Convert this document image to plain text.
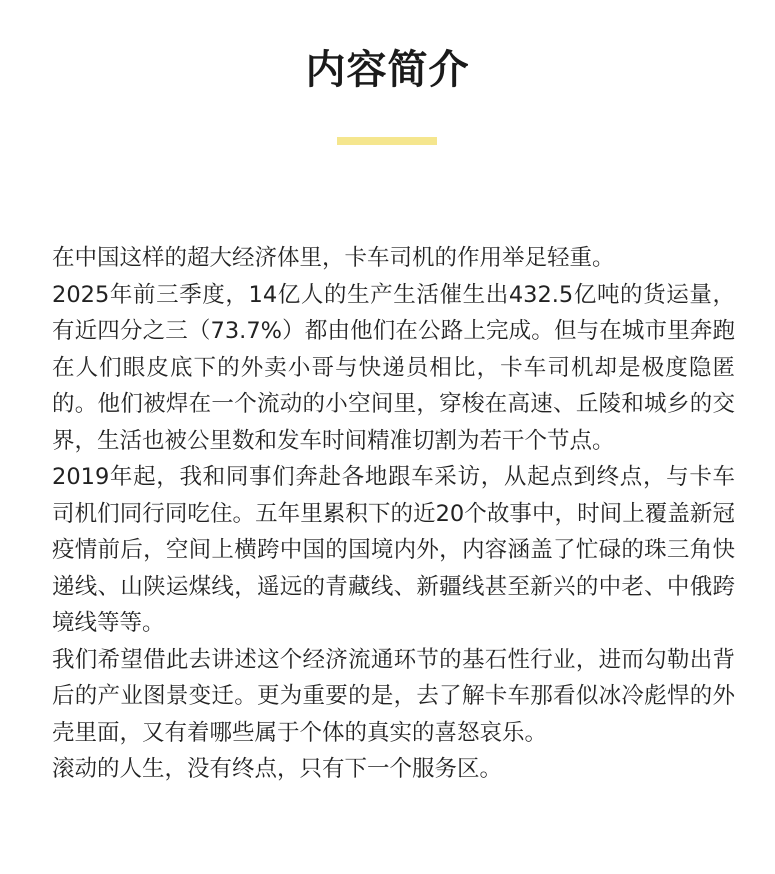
内容简介

在中国这样的超大经济体里，卡车司机的作用举足轻重。

2025年前三季度，14亿人的生产生活催生出432.5亿吨的货运量，有近四分之三（73.7%）都由他们在公路上完成。但与在城市里奔跑在人们眼皮底下的外卖小哥与快递员相比，卡车司机却是极度隐匿的。他们被焊在一个流动的小空间里，穿梭在高速、丘陵和城乡的交界，生活也被公里数和发车时间精准切割为若干个节点。

2019年起，我和同事们奔赴各地跟车采访，从起点到终点，与卡车司机们同行同吃住。五年里累积下的近20个故事中，时间上覆盖新冠疫情前后，空间上横跨中国的国境内外，内容涵盖了忙碌的珠三角快递线、山陕运煤线，遥远的青藏线、新疆线甚至新兴的中老、中俄跨境线等等。

我们希望借此去讲述这个经济流通环节的基石性行业，进而勾勒出背后的产业图景变迁。更为重要的是，去了解卡车那看似冰冷彪悍的外壳里面，又有着哪些属于个体的真实的喜怒哀乐。

滚动的人生，没有终点，只有下一个服务区。
